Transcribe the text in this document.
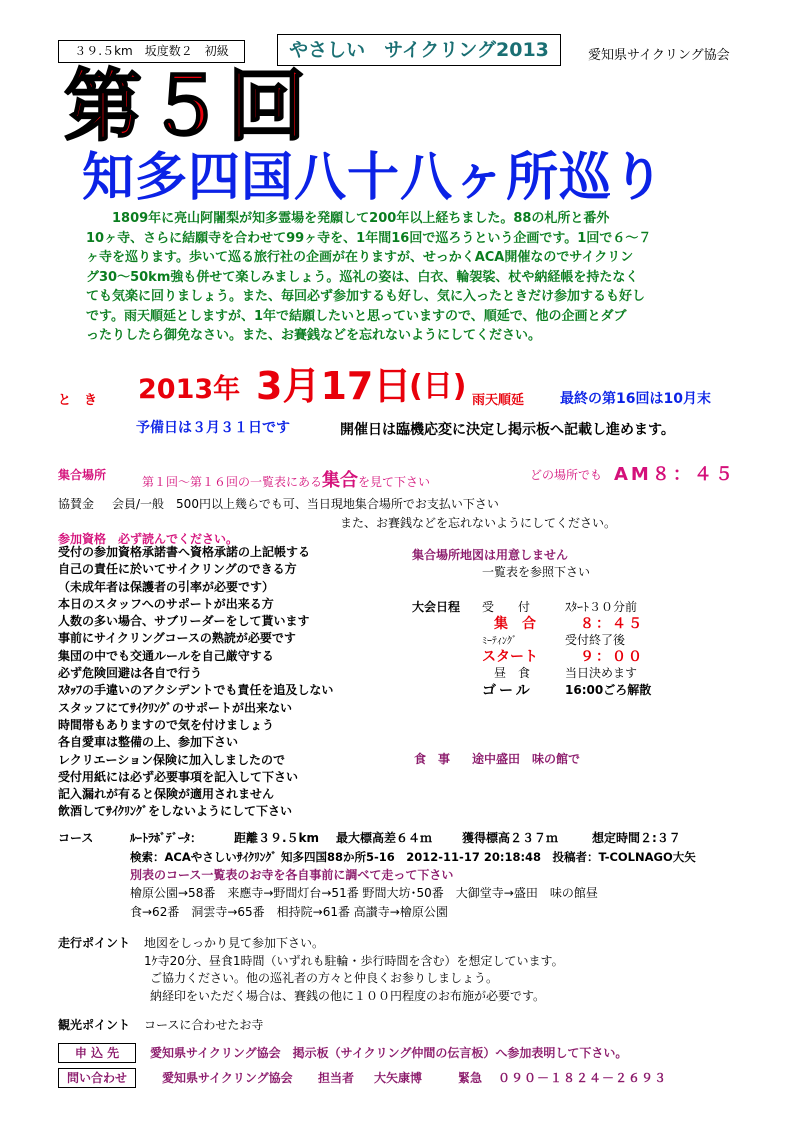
３９.５km　坂度数２　初級	やさしい　サイクリング2013	愛知県サイクリング協会
第５回
知多四国八十八ヶ所巡り
1809年に亮山阿闍梨が知多霊場を発願して200年以上経ちました。88の札所と番外
10ヶ寺、さらに結願寺を合わせて99ヶ寺を、1年間16回で巡ろうという企画です。1回で６～７
ヶ寺を巡ります。歩いて巡る旅行社の企画が在りますが、せっかくACA開催なのでサイクリン
グ30～50km強も併せて楽しみましょう。巡礼の姿は、白衣、輪袈裟、杖や納経帳を持たなく
ても気楽に回りましょう。また、毎回必ず参加するも好し、気に入ったときだけ参加するも好し
です。雨天順延としますが、1年で結願したいと思っていますので、順延で、他の企画とダブ
ったりしたら御免なさい。また、お賽銭などを忘れないようにしてください。
と　き 2013年 3月17日
(日) 雨天順延	最終の第16回は10月末
予備日は３月３１日です	開催日は臨機応変に決定し掲示板へ記載し進めます。
集合場所	第１回～第１６回の一覧表にある集合を見て下さい	どの場所でも AM８：４５
協賛金 会員/一般　500円以上幾らでも可、当日現地集合場所でお支払い下さい
また、お賽銭などを忘れないようにしてください。
参加資格　必ず読んでください。
受付の参加資格承諾書へ資格承諾の上記帳する
自己の責任に於いてサイクリングのできる方
（未成年者は保護者の引率が必要です）
本日のスタッフへのサポートが出来る方
人数の多い場合、サブリーダーをして貰います
事前にサイクリングコースの熟読が必要です
集団の中でも交通ルールを自己厳守する
必ず危険回避は各自で行う
ｽﾀｯﾌの手違いのアクシデントでも責任を追及しない
スタッフにてｻｲｸﾘﾝｸﾞのサポートが出来ない
時間帯もありますので気を付けましょう
各自愛車は整備の上、参加下さい
レクリエーション保険に加入しましたので
受付用紙には必ず必要事項を記入して下さい
記入漏れが有ると保険が適用されません
飲酒してｻｲｸﾘﾝｸﾞをしないようにして下さい
集合場所地図は用意しません
一覧表を参照下さい
大会日程 受　　付	ｽﾀｰﾄ３０分前
集　合	８：４５
ﾐｰﾃｨﾝｸﾞ	受付終了後
スタート	９：００
昼　食	当日決めます
ゴール	16:00ごろ解散
食　事 途中盛田　味の館で
コース	ﾙｰﾄﾗﾎﾞﾃﾞｰﾀ：	距離３９.５km 最大標高差６４ｍ 獲得標高２３７ｍ	想定時間２:３７
検索：ACAやさしいｻｲｸﾘﾝｸﾞ 知多四国88か所5-16　2012-11-17 20:18:48　投稿者：T-COLNAGO大矢
別表のコース一覧表のお寺を各自事前に調べて走って下さい
檜原公園→58番　来應寺→野間灯台→51番 野間大坊･50番　大御堂寺→盛田　味の館昼
食→62番　洞雲寺→65番　相持院→61番 高讃寺→檜原公園
走行ポイント 地図をしっかり見て参加下さい。
1ｹ寺20分、昼食1時間（いずれも駐輪・歩行時間を含む）を想定しています。
ご協力ください。他の巡礼者の方々と仲良くお参りしましょう。
納経印をいただく場合は、賽銭の他に１００円程度のお布施が必要です。
観光ポイント コースに合わせたお寺
申 込 先	愛知県サイクリング協会　掲示板（サイクリング仲間の伝言板）へ参加表明して下さい。
問い合わせ	愛知県サイクリング協会 担当者 大矢康博	緊急 ０９０－１８２４－２６９３
